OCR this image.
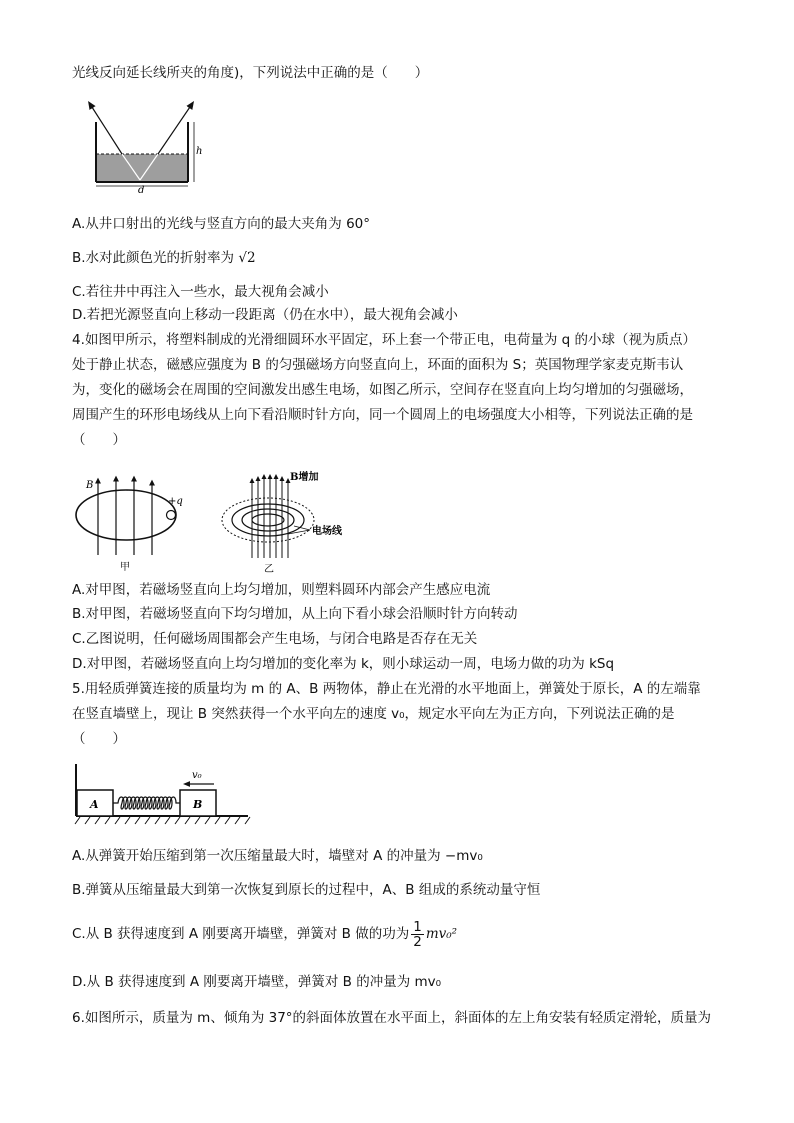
光线反向延长线所夹的角度)，下列说法中正确的是（　　）
h
d
A.从井口射出的光线与竖直方向的最大夹角为 60°
B.水对此颜色光的折射率为 √2
C.若往井中再注入一些水，最大视角会减小
D.若把光源竖直向上移动一段距离（仍在水中），最大视角会减小
4.如图甲所示，将塑料制成的光滑细圆环水平固定，环上套一个带正电，电荷量为 q 的小球（视为质点）
处于静止状态，磁感应强度为 B 的匀强磁场方向竖直向上，环面的面积为 S；英国物理学家麦克斯韦认
为，变化的磁场会在周围的空间激发出感生电场，如图乙所示，空间存在竖直向上均匀增加的匀强磁场，
周围产生的环形电场线从上向下看沿顺时针方向，同一个圆周上的电场强度大小相等，下列说法正确的是
（　　）
B
+q
甲
B增加
电场线
乙
A.对甲图，若磁场竖直向上均匀增加，则塑料圆环内部会产生感应电流
B.对甲图，若磁场竖直向下均匀增加，从上向下看小球会沿顺时针方向转动
C.乙图说明，任何磁场周围都会产生电场，与闭合电路是否存在无关
D.对甲图，若磁场竖直向上均匀增加的变化率为 k，则小球运动一周，电场力做的功为 kSq
5.用轻质弹簧连接的质量均为 m 的 A、B 两物体，静止在光滑的水平地面上，弹簧处于原长，A 的左端靠
在竖直墙壁上，现让 B 突然获得一个水平向左的速度 v₀，规定水平向左为正方向，下列说法正确的是
（　　）
A	B
v₀
A.从弹簧开始压缩到第一次压缩量最大时，墙壁对 A 的冲量为 −mv₀
B.弹簧从压缩量最大到第一次恢复到原长的过程中，A、B 组成的系统动量守恒
C.从 B 获得速度到 A 刚要离开墙壁，弹簧对 B 做的功为 $\frac{1}{2} mv_0^2$
D.从 B 获得速度到 A 刚要离开墙壁，弹簧对 B 的冲量为 mv₀
6.如图所示，质量为 m、倾角为 37°的斜面体放置在水平面上，斜面体的左上角安装有轻质定滑轮，质量为
